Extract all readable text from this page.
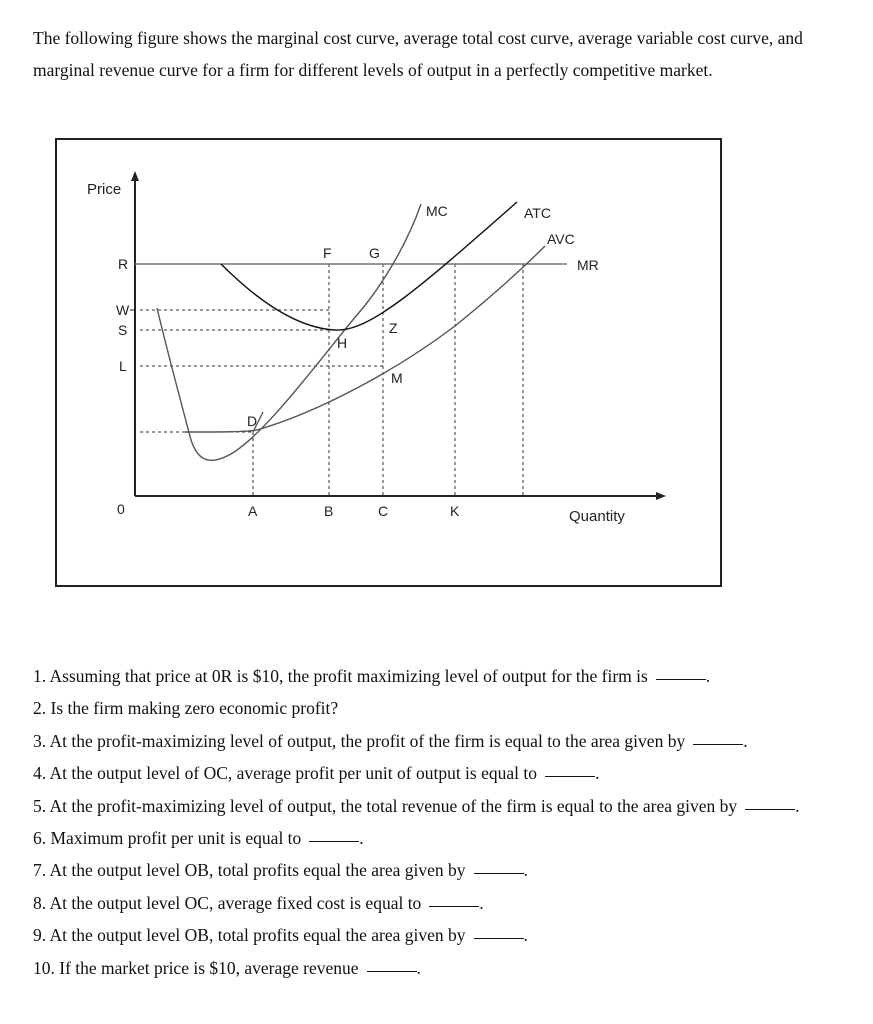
The following figure shows the marginal cost curve, average total cost curve, average variable cost curve, and marginal revenue curve for a firm for different levels of output in a perfectly competitive market.

Price
Quantity
0
R
W
S
L
A	B	C	K
MC	ATC
AVC
MR
D
F	G
H
Z
M
1. Assuming that price at 0R is $10, the profit maximizing level of output for the firm is	.
2. Is the firm making zero economic profit?
3. At the profit-maximizing level of output, the profit of the firm is equal to the area given by	.
4. At the output level of OC, average profit per unit of output is equal to	.
5. At the profit-maximizing level of output, the total revenue of the firm is equal to the area given by	.
6. Maximum profit per unit is equal to	.
7. At the output level OB, total profits equal the area given by	.
8. At the output level OC, average fixed cost is equal to	.
9. At the output level OB, total profits equal the area given by	.
10. If the market price is $10, average revenue	.
